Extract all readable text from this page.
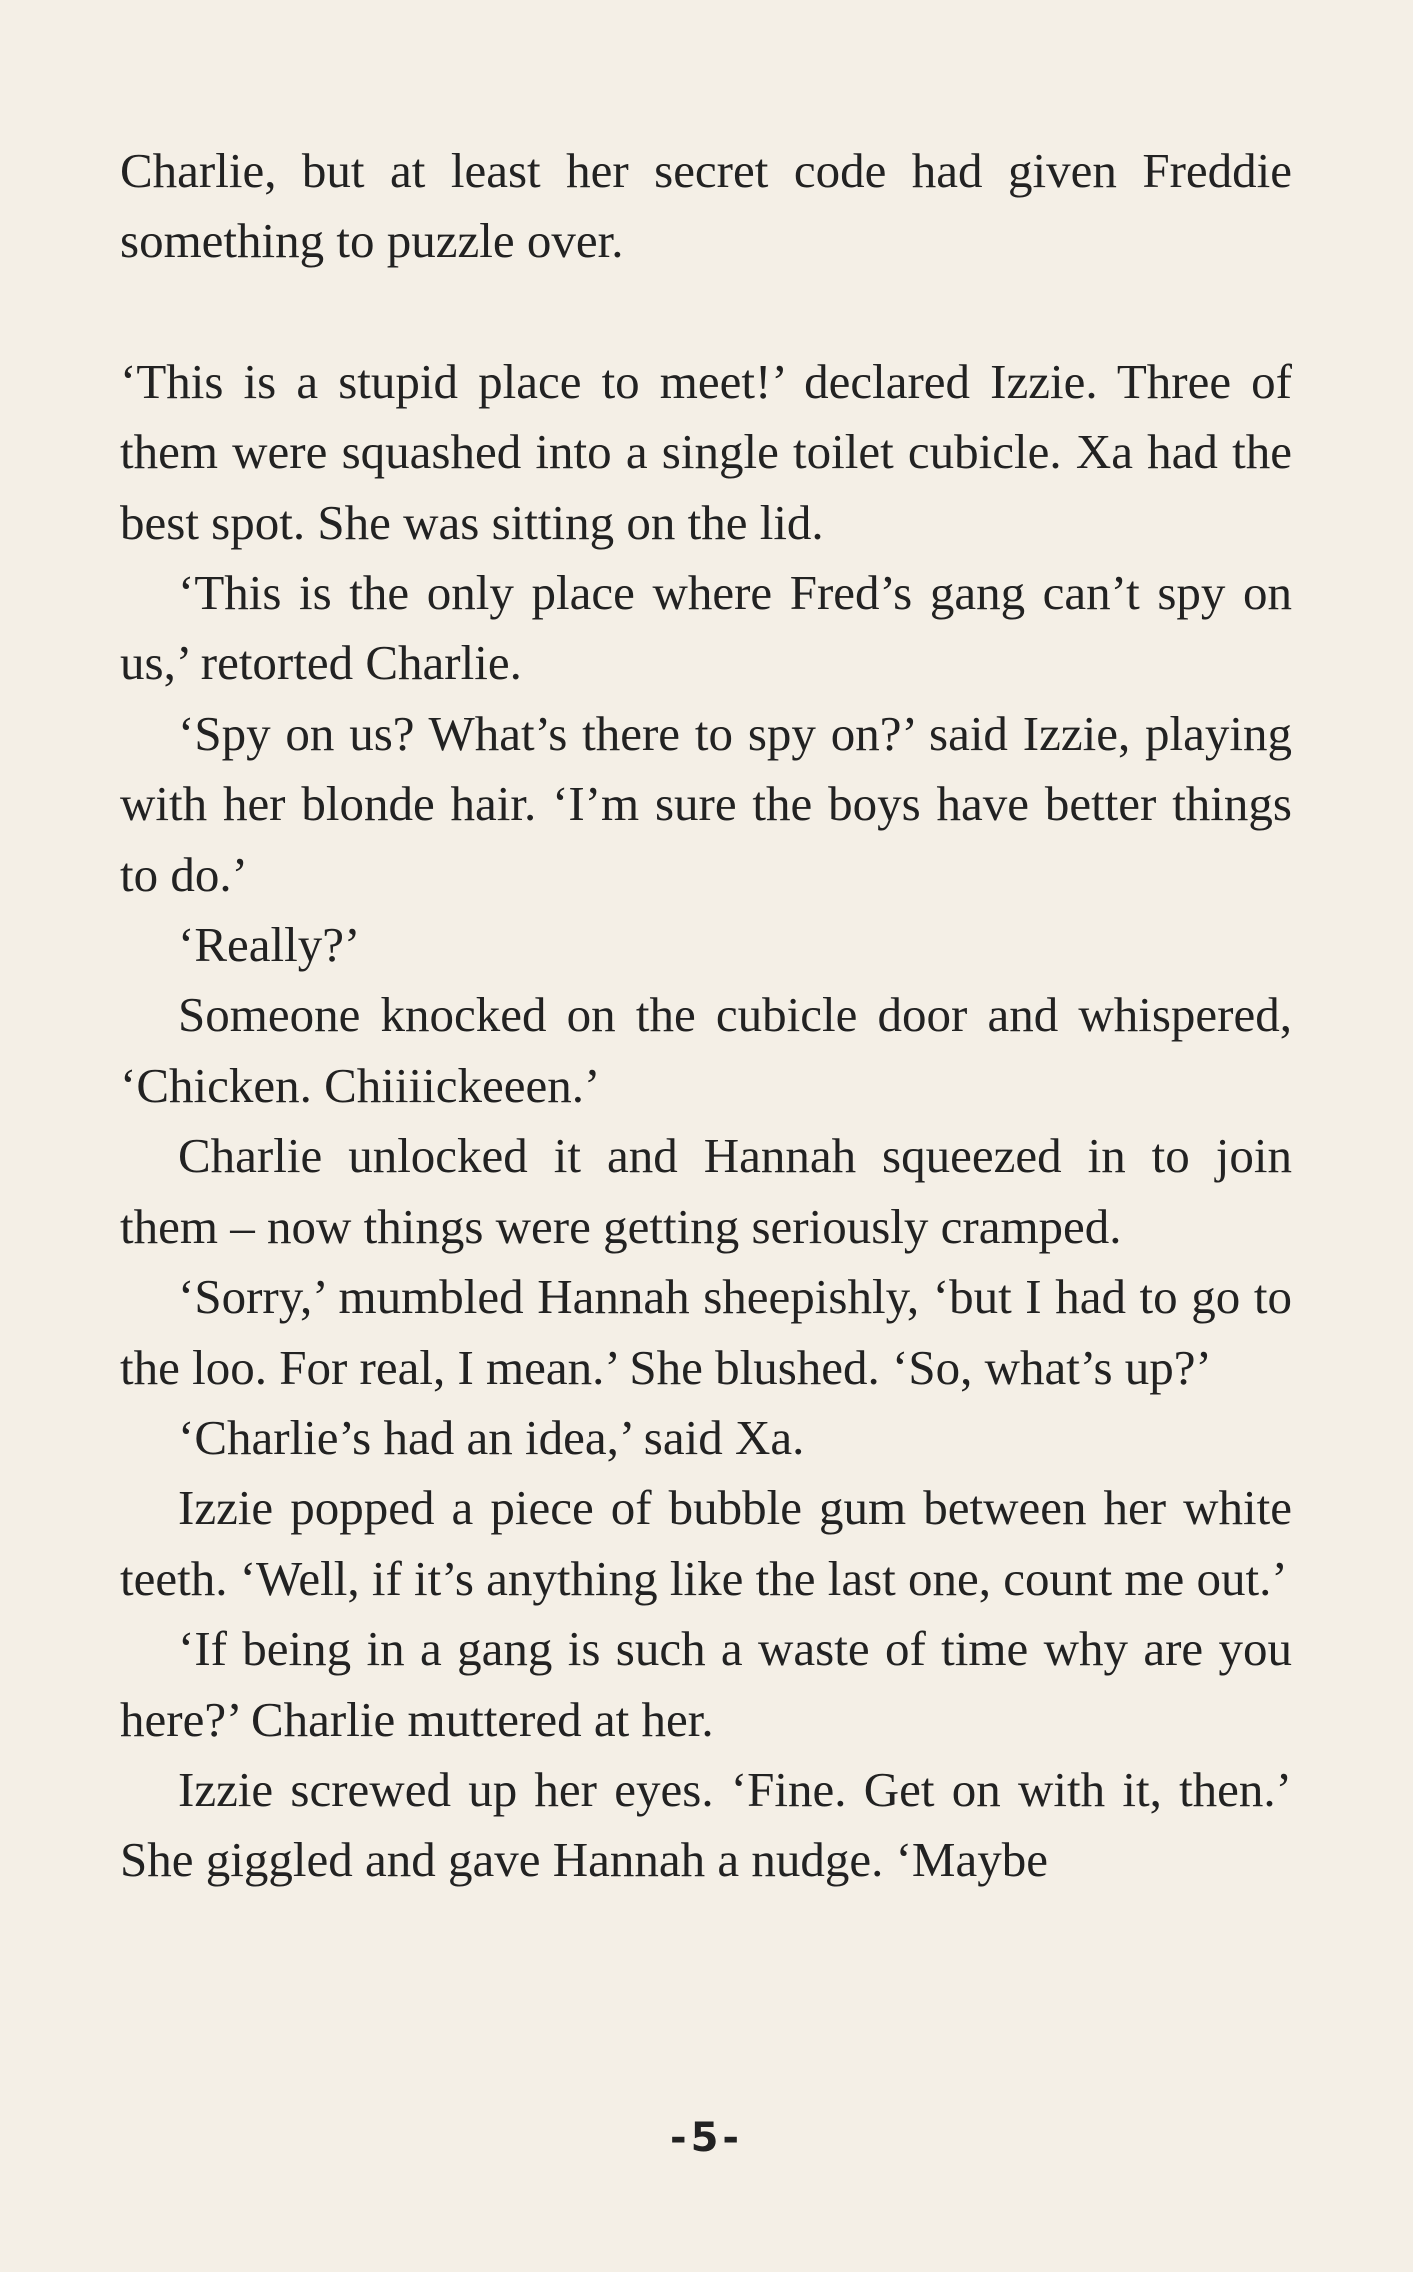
Charlie, but at least her secret code had given Freddie something to puzzle over.

‘This is a stupid place to meet!’ declared Izzie. Three of them were squashed into a single toilet cubicle. Xa had the best spot. She was sitting on the lid.

‘This is the only place where Fred’s gang can’t spy on us,’ retorted Charlie.

‘Spy on us? What’s there to spy on?’ said Izzie, playing with her blonde hair. ‘I’m sure the boys have better things to do.’

‘Really?’

Someone knocked on the cubicle door and whispered, ‘Chicken. Chiiiickeeen.’

Charlie unlocked it and Hannah squeezed in to join them – now things were getting seriously cramped.

‘Sorry,’ mumbled Hannah sheepishly, ‘but I had to go to the loo. For real, I mean.’ She blushed. ‘So, what’s up?’

‘Charlie’s had an idea,’ said Xa.

Izzie popped a piece of bubble gum between her white teeth. ‘Well, if it’s anything like the last one, count me out.’

‘If being in a gang is such a waste of time why are you here?’ Charlie muttered at her.

Izzie screwed up her eyes. ‘Fine. Get on with it, then.’ She giggled and gave Hannah a nudge. ‘Maybe

-5-
